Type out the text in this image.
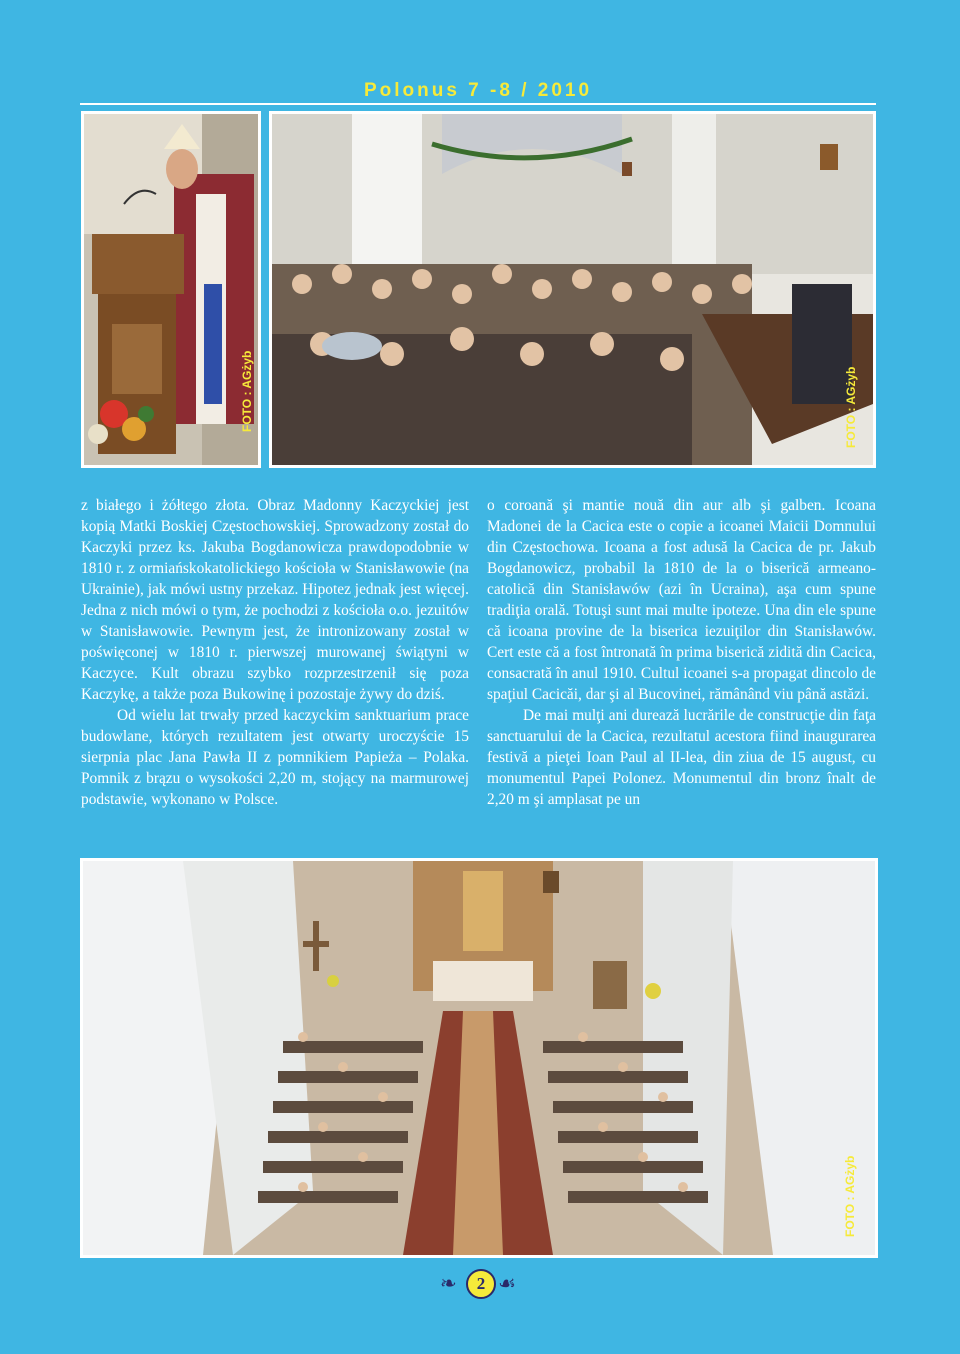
Polonus 7 -8 / 2010
FOTO : AGżyb	FOTO : AGżyb

z białego i żółtego złota. Obraz Madonny Kaczyckiej jest kopią Matki Boskiej Częstochowskiej. Sprowadzony został do Kaczyki przez ks. Jakuba Bogdanowicza prawdopodobnie w 1810 r. z ormiańskokatolickiego kościoła w Stanisławowie (na Ukrainie), jak mówi ustny przekaz. Hipotez jednak jest więcej. Jedna z nich mówi o tym, że pochodzi z kościoła o.o. jezuitów w Stanisławowie. Pewnym jest, że intronizowany został w poświęconej w 1810 r. pierwszej murowanej świątyni w Kaczyce. Kult obrazu szybko rozprzestrzenił się poza Kaczykę, a także poza Bukowinę i pozostaje żywy do dziś.

Od wielu lat trwały przed kaczyckim sanktuarium prace budowlane, których rezultatem jest otwarty uroczyście 15 sierpnia plac Jana Pawła II z pomnikiem Papieża – Polaka. Pomnik z brązu o wysokości 2,20 m, stojący na marmurowej podstawie, wykonano w Polsce.

o coroană şi mantie nouă din aur alb şi galben. Icoana Madonei de la Cacica este o copie a icoanei Maicii Domnului din Częstochowa. Icoana a fost adusă la Cacica de pr. Jakub Bogdanowicz, probabil la 1810 de la o biserică armeano-catolică din Stanisławów (azi în Ucraina), aşa cum spune tradiţia orală. Totuşi sunt mai multe ipoteze. Una din ele spune că icoana provine de la biserica iezuiţilor din Stanisławów. Cert este că a fost întronată în prima biserică zidită din Cacica, consacrată în anul 1910. Cultul icoanei s-a propagat dincolo de spaţiul Cacicăi, dar şi al Bucovinei, rămânând viu până astăzi.

De mai mulţi ani durează lucrările de construcţie din faţa sanctuarului de la Cacica, rezultatul acestora fiind inaugurarea festivă a pieţei Ioan Paul al II-lea, din ziua de 15 august, cu monumentul Papei Polonez. Monumentul din bronz înalt de 2,20 m şi amplasat pe un

FOTO : AGżyb
❧	2 ☙
